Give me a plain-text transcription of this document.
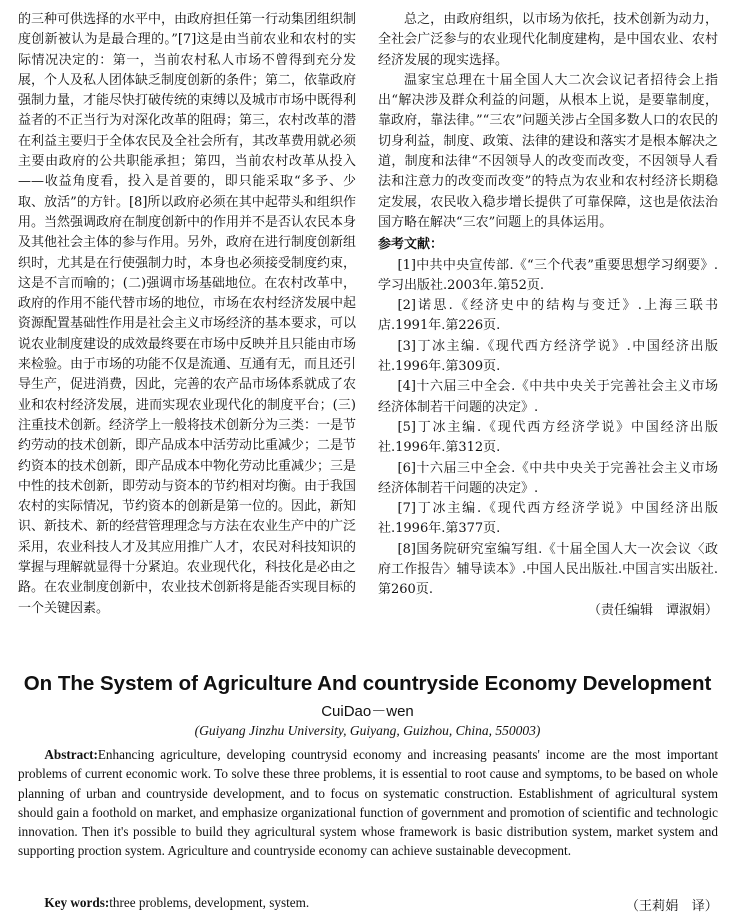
的三种可供选择的水平中，由政府担任第一行动集团组织制度创新被认为是最合理的。”[7]这是由当前农业和农村的实际情况决定的：第一，当前农村私人市场不曾得到充分发展，个人及私人团体缺乏制度创新的条件；第二，依靠政府强制力量，才能尽快打破传统的束缚以及城市市场中既得利益者的不正当行为对深化改革的阻碍；第三，农村改革的潜在利益主要归于全体农民及全社会所有，其改革费用就必须主要由政府的公共职能承担；第四，当前农村改革从投入——收益角度看，投入是首要的，即只能采取“多予、少取、放活”的方针。[8]所以政府必须在其中起带头和组织作用。当然强调政府在制度创新中的作用并不是否认农民本身及其他社会主体的参与作用。另外，政府在进行制度创新组织时，尤其是在行使强制力时，本身也必须接受制度约束，这是不言而喻的；(二)强调市场基础地位。在农村改革中，政府的作用不能代替市场的地位，市场在农村经济发展中起资源配置基础性作用是社会主义市场经济的基本要求，可以说农业制度建设的成效最终要在市场中反映并且只能由市场来检验。由于市场的功能不仅是流通、互通有无，而且还引导生产，促进消费，因此，完善的农产品市场体系就成了农业和农村经济发展，进而实现农业现代化的制度平台；(三)注重技术创新。经济学上一般将技术创新分为三类：一是节约劳动的技术创新，即产品成本中活劳动比重减少；二是节约资本的技术创新，即产品成本中物化劳动比重减少；三是中性的技术创新，即劳动与资本的节约相对均衡。由于我国农村的实际情况，节约资本的创新是第一位的。因此，新知识、新技术、新的经营管理理念与方法在农业生产中的广泛采用，农业科技人才及其应用推广人才，农民对科技知识的掌握与理解就显得十分紧迫。农业现代化，科技化是必由之路。在农业制度创新中，农业技术创新将是能否实现目标的一个关键因素。

总之，由政府组织，以市场为依托，技术创新为动力，全社会广泛参与的农业现代化制度建构，是中国农业、农村经济发展的现实选择。

温家宝总理在十届全国人大二次会议记者招待会上指出“解决涉及群众利益的问题，从根本上说，是要靠制度，靠政府，靠法律。”“三农”问题关涉占全国多数人口的农民的切身利益，制度、政策、法律的建设和落实才是根本解决之道，制度和法律“不因领导人的改变而改变，不因领导人看法和注意力的改变而改变”的特点为农业和农村经济长期稳定发展，农民收入稳步增长提供了可靠保障，这也是依法治国方略在解决“三农”问题上的具体运用。

参考文献：

[1]中共中央宣传部.《“三个代表”重要思想学习纲要》.学习出版社.2003年.第52页.

[2]诺思.《经济史中的结构与变迁》.上海三联书店.1991年.第226页.

[3]丁冰主编.《现代西方经济学说》.中国经济出版社.1996年.第309页.

[4]十六届三中全会.《中共中央关于完善社会主义市场经济体制若干问题的决定》.

[5]丁冰主编.《现代西方经济学说》中国经济出版社.1996年.第312页.

[6]十六届三中全会.《中共中央关于完善社会主义市场经济体制若干问题的决定》.

[7]丁冰主编.《现代西方经济学说》中国经济出版社.1996年.第377页.

[8]国务院研究室编写组.《十届全国人大一次会议〈政府工作报告〉辅导读本》.中国人民出版社.中国言实出版社.第260页.

（责任编辑　谭淑娟）

On The System of Agriculture And countryside Economy Development
CuiDao－wen
(Guiyang Jinzhu University, Guiyang, Guizhou, China, 550003)

Abstract:Enhancing agriculture, developing countrysid economy and increasing peasants' income are the most important problems of current economic work. To solve these three problems, it is essential to root cause and symptoms, to be based on whole planning of urban and countryside development, and to focus on systematic construction. Establishment of agricultural system should gain a foothold on market, and emphasize organizational function of government and promotion of scientific and technologic innovation. Then it's possible to build they agricultural system whose framework is basic distribution system, market system and supporting proction system. Agriculture and countryside economy can achieve sustainable devecopment.

Key words:three problems, development, system.	（王莉娟　译）
